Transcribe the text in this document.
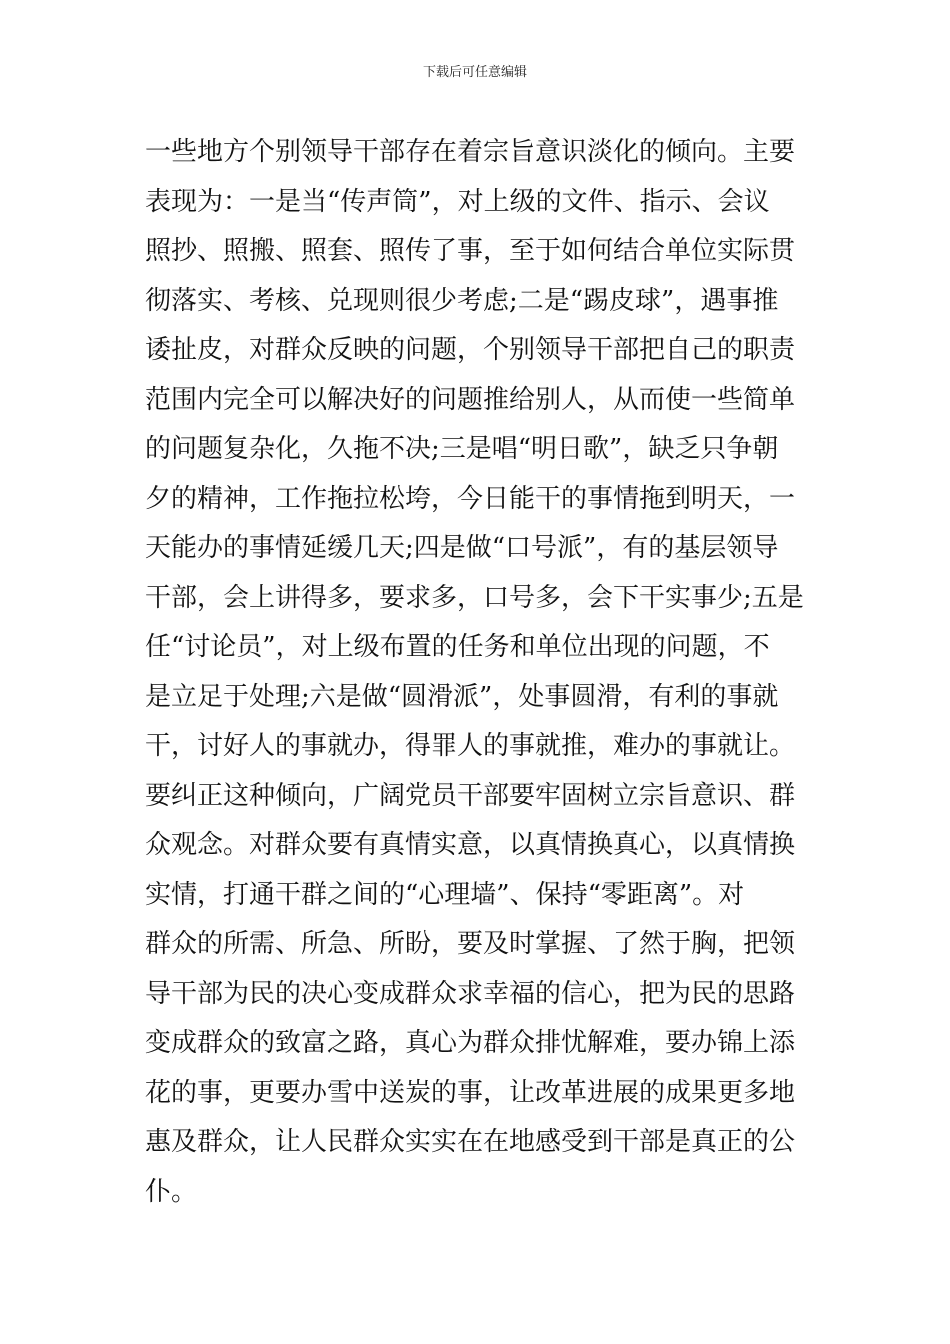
下载后可任意编辑
一些地方个别领导干部存在着宗旨意识淡化的倾向。主要
表现为：一是当“传声筒”，对上级的文件、指示、会议
照抄、照搬、照套、照传了事，至于如何结合单位实际贯
彻落实、考核、兑现则很少考虑;二是“踢皮球”，遇事推
诿扯皮，对群众反映的问题，个别领导干部把自己的职责
范围内完全可以解决好的问题推给别人，从而使一些简单
的问题复杂化，久拖不决;三是唱“明日歌”，缺乏只争朝
夕的精神，工作拖拉松垮，今日能干的事情拖到明天，一
天能办的事情延缓几天;四是做“口号派”，有的基层领导
干部，会上讲得多，要求多，口号多，会下干实事少;五是
任“讨论员”，对上级布置的任务和单位出现的问题，不
是立足于处理;六是做“圆滑派”，处事圆滑，有利的事就
干，讨好人的事就办，得罪人的事就推，难办的事就让。
要纠正这种倾向，广阔党员干部要牢固树立宗旨意识、群
众观念。对群众要有真情实意，以真情换真心，以真情换
实情，打通干群之间的“心理墙”、保持“零距离”。对
群众的所需、所急、所盼，要及时掌握、了然于胸，把领
导干部为民的决心变成群众求幸福的信心，把为民的思路
变成群众的致富之路，真心为群众排忧解难，要办锦上添
花的事，更要办雪中送炭的事，让改革进展的成果更多地
惠及群众，让人民群众实实在在地感受到干部是真正的公
仆。
